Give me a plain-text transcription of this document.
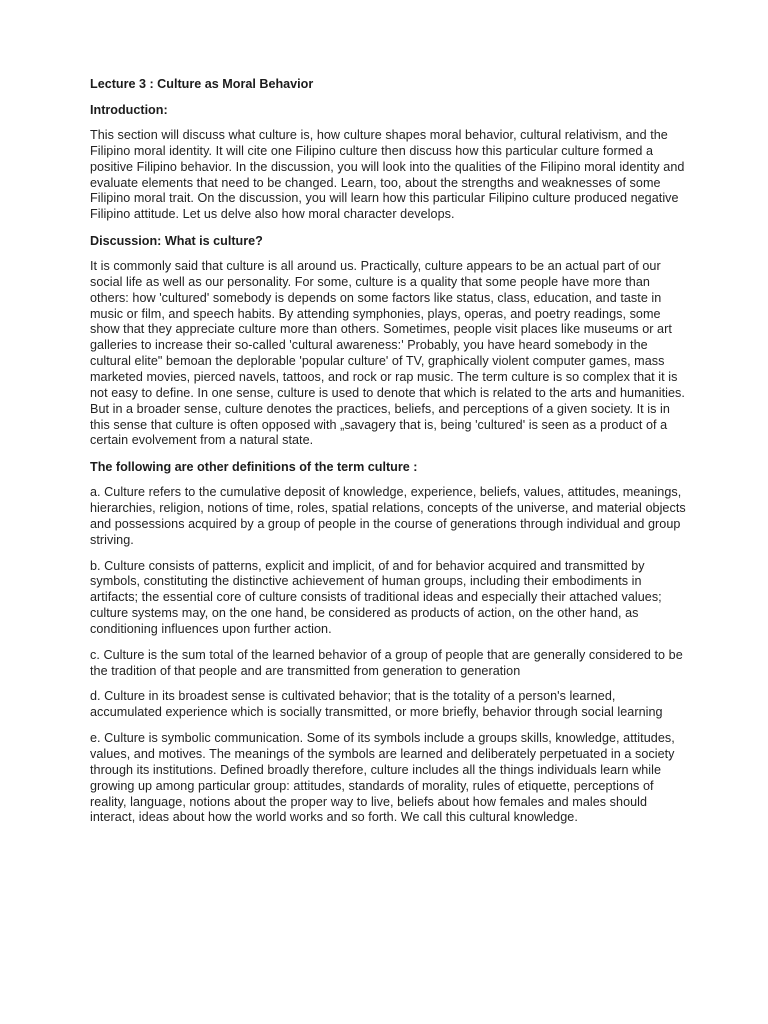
Lecture 3 : Culture as Moral Behavior
Introduction:
This section will discuss what culture is, how culture shapes moral behavior, cultural relativism, and the Filipino moral identity. It will cite one Filipino culture then discuss how this particular culture formed a positive Filipino behavior. In the discussion, you will look into the qualities of the Filipino moral identity and evaluate elements that need to be changed. Learn, too, about the strengths and weaknesses of some Filipino moral trait. On the discussion, you will learn how this particular Filipino culture produced negative Filipino attitude. Let us delve also how moral character develops.
Discussion: What is culture?
It is commonly said that culture is all around us. Practically, culture appears to be an actual part of our social life as well as our personality. For some, culture is a quality that some people have more than others: how 'cultured' somebody is depends on some factors like status, class, education, and taste in music or film, and speech habits. By attending symphonies, plays, operas, and poetry readings, some show that they appreciate culture more than others. Sometimes, people visit places like museums or art galleries to increase their so-called 'cultural awareness:' Probably, you have heard somebody in the cultural elite" bemoan the deplorable 'popular culture' of TV, graphically violent computer games, mass marketed movies, pierced navels, tattoos, and rock or rap music. The term culture is so complex that it is not easy to define. In one sense, culture is used to denote that which is related to the arts and humanities. But in a broader sense, culture denotes the practices, beliefs, and perceptions of a given society. It is in this sense that culture is often opposed with „savagery that is, being 'cultured' is seen as a product of a certain evolvement from a natural state.
The following are other definitions of the term culture :
a. Culture refers to the cumulative deposit of knowledge, experience, beliefs, values, attitudes, meanings, hierarchies, religion, notions of time, roles, spatial relations, concepts of the universe, and material objects and possessions acquired by a group of people in the course of generations through individual and group striving.
b. Culture consists of patterns, explicit and implicit, of and for behavior acquired and transmitted by symbols, constituting the distinctive achievement of human groups, including their embodiments in artifacts; the essential core of culture consists of traditional ideas and especially their attached values; culture systems may, on the one hand, be considered as products of action, on the other hand, as conditioning influences upon further action.
c. Culture is the sum total of the learned behavior of a group of people that are generally considered to be the tradition of that people and are transmitted from generation to generation
d. Culture in its broadest sense is cultivated behavior; that is the totality of a person's learned, accumulated experience which is socially transmitted, or more briefly, behavior through social learning
e. Culture is symbolic communication. Some of its symbols include a groups skills, knowledge, attitudes, values, and motives. The meanings of the symbols are learned and deliberately perpetuated in a society through its institutions. Defined broadly therefore, culture includes all the things individuals learn while growing up among particular group: attitudes, standards of morality, rules of etiquette, perceptions of reality, language, notions about the proper way to live, beliefs about how females and males should interact, ideas about how the world works and so forth. We call this cultural knowledge.
